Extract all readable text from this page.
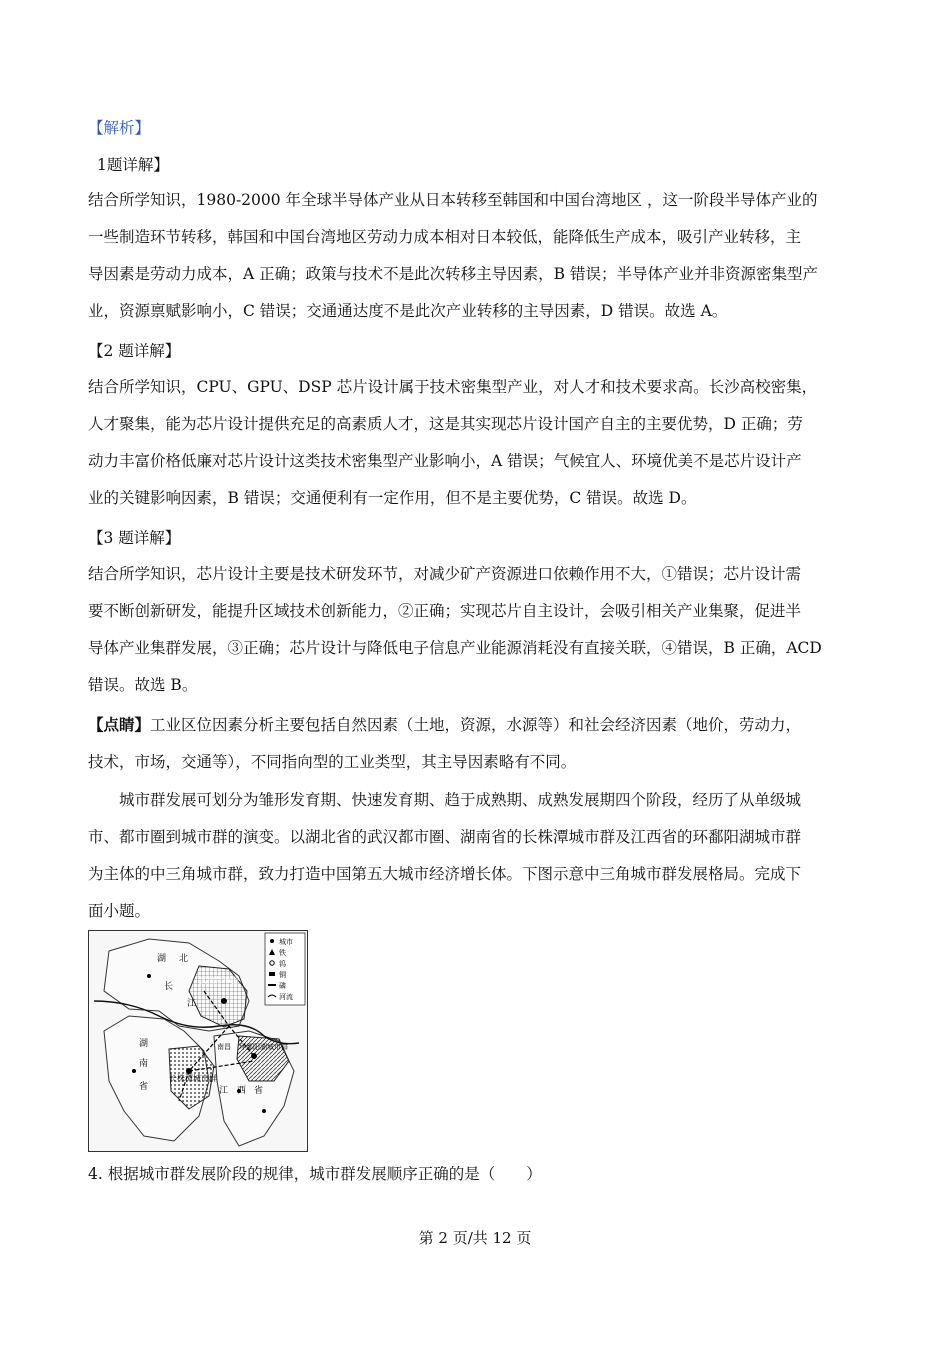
【解析】
1题详解】
结合所学知识，1980-2000 年全球半导体产业从日本转移至韩国和中国台湾地区 ，这一阶段半导体产业的
一些制造环节转移，韩国和中国台湾地区劳动力成本相对日本较低，能降低生产成本，吸引产业转移，主
导因素是劳动力成本，A 正确；政策与技术不是此次转移主导因素，B 错误；半导体产业并非资源密集型产
业，资源禀赋影响小，C 错误；交通通达度不是此次产业转移的主导因素，D 错误。故选 A。
【2 题详解】
结合所学知识，CPU、GPU、DSP 芯片设计属于技术密集型产业，对人才和技术要求高。长沙高校密集，
人才聚集，能为芯片设计提供充足的高素质人才，这是其实现芯片设计国产自主的主要优势，D 正确；劳
动力丰富价格低廉对芯片设计这类技术密集型产业影响小，A 错误；气候宜人、环境优美不是芯片设计产
业的关键影响因素，B 错误；交通便利有一定作用，但不是主要优势，C 错误。故选 D。
【3 题详解】
结合所学知识，芯片设计主要是技术研发环节，对减少矿产资源进口依赖作用不大，①错误；芯片设计需
要不断创新研发，能提升区域技术创新能力，②正确；实现芯片自主设计，会吸引相关产业集聚，促进半
导体产业集群发展，③正确；芯片设计与降低电子信息产业能源消耗没有直接关联，④错误，B 正确，ACD
错误。故选 B。
【点睛】工业区位因素分析主要包括自然因素（土地，资源，水源等）和社会经济因素（地价，劳动力，
技术，市场，交通等），不同指向型的工业类型，其主导因素略有不同。
城市群发展可划分为雏形发育期、快速发育期、趋于成熟期、成熟发展期四个阶段，经历了从单级城
市、都市圈到城市群的演变。以湖北省的武汉都市圈、湖南省的长株潭城市群及江西省的环鄱阳湖城市群
为主体的中三角城市群，致力打造中国第五大城市经济增长体。下图示意中三角城市群发展格局。完成下
面小题。
城市
铁
钨
铜
磷
河流
武汉都市圈
环鄱阳湖城市群
长株潭城市群
湖 北
长
江
湖
南
省	江 西 省
南昌
4. 根据城市群发展阶段的规律，城市群发展顺序正确的是（　　）
第 2 页/共 12 页
